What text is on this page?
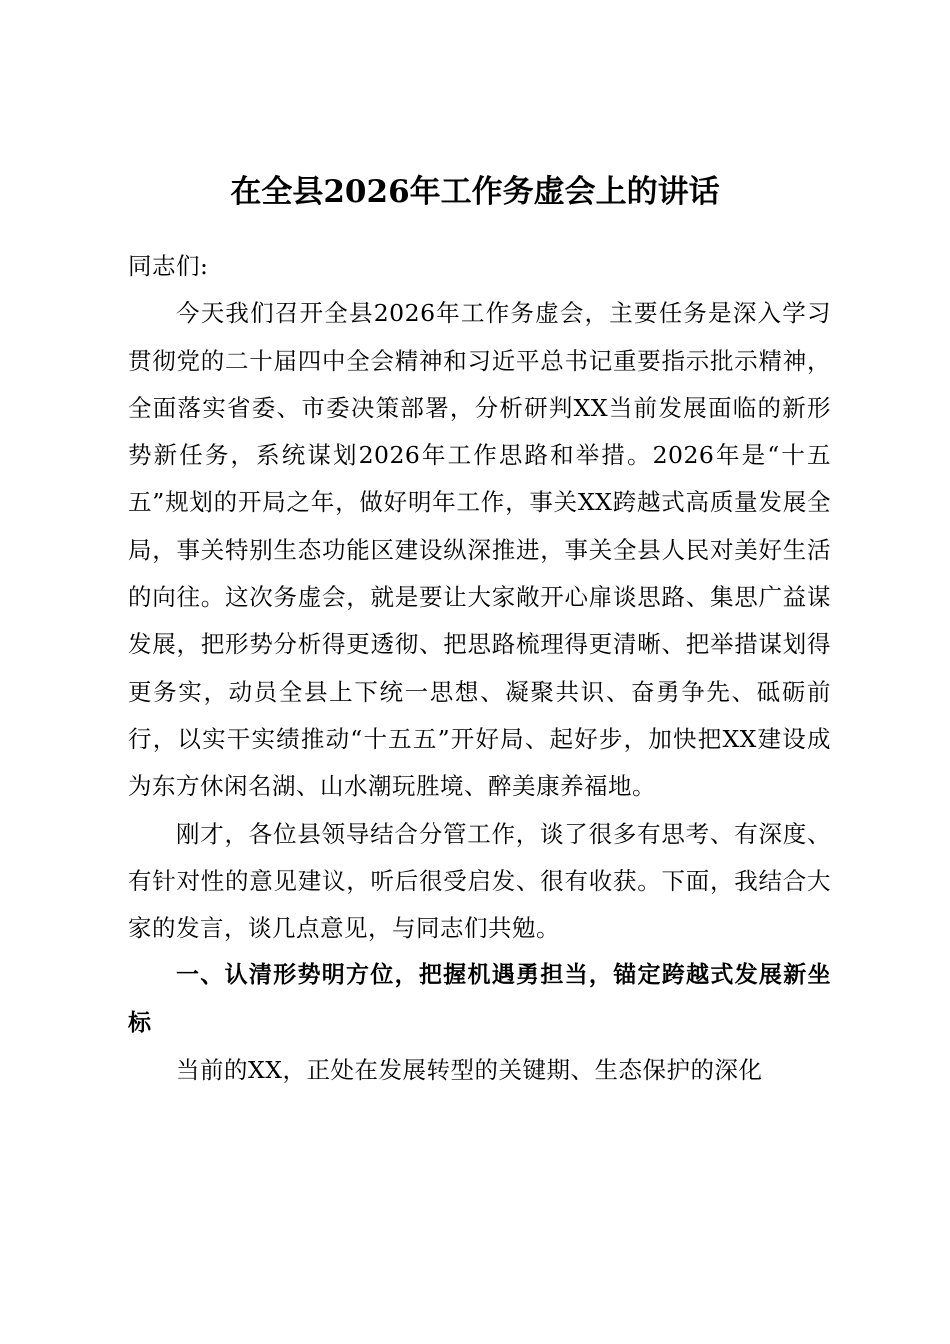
在全县2026年工作务虚会上的讲话

同志们:

今天我们召开全县2026年工作务虚会，主要任务是深入学习贯彻党的二十届四中全会精神和习近平总书记重要指示批示精神，全面落实省委、市委决策部署，分析研判XX当前发展面临的新形势新任务，系统谋划2026年工作思路和举措。2026年是“十五五”规划的开局之年，做好明年工作，事关XX跨越式高质量发展全局，事关特别生态功能区建设纵深推进，事关全县人民对美好生活的向往。这次务虚会，就是要让大家敞开心扉谈思路、集思广益谋发展，把形势分析得更透彻、把思路梳理得更清晰、把举措谋划得更务实，动员全县上下统一思想、凝聚共识、奋勇争先、砥砺前行，以实干实绩推动“十五五”开好局、起好步，加快把XX建设成为东方休闲名湖、山水潮玩胜境、醉美康养福地。

刚才，各位县领导结合分管工作，谈了很多有思考、有深度、有针对性的意见建议，听后很受启发、很有收获。下面，我结合大家的发言，谈几点意见，与同志们共勉。

一、认清形势明方位，把握机遇勇担当，锚定跨越式发展新坐标

当前的XX，正处在发展转型的关键期、生态保护的深化
